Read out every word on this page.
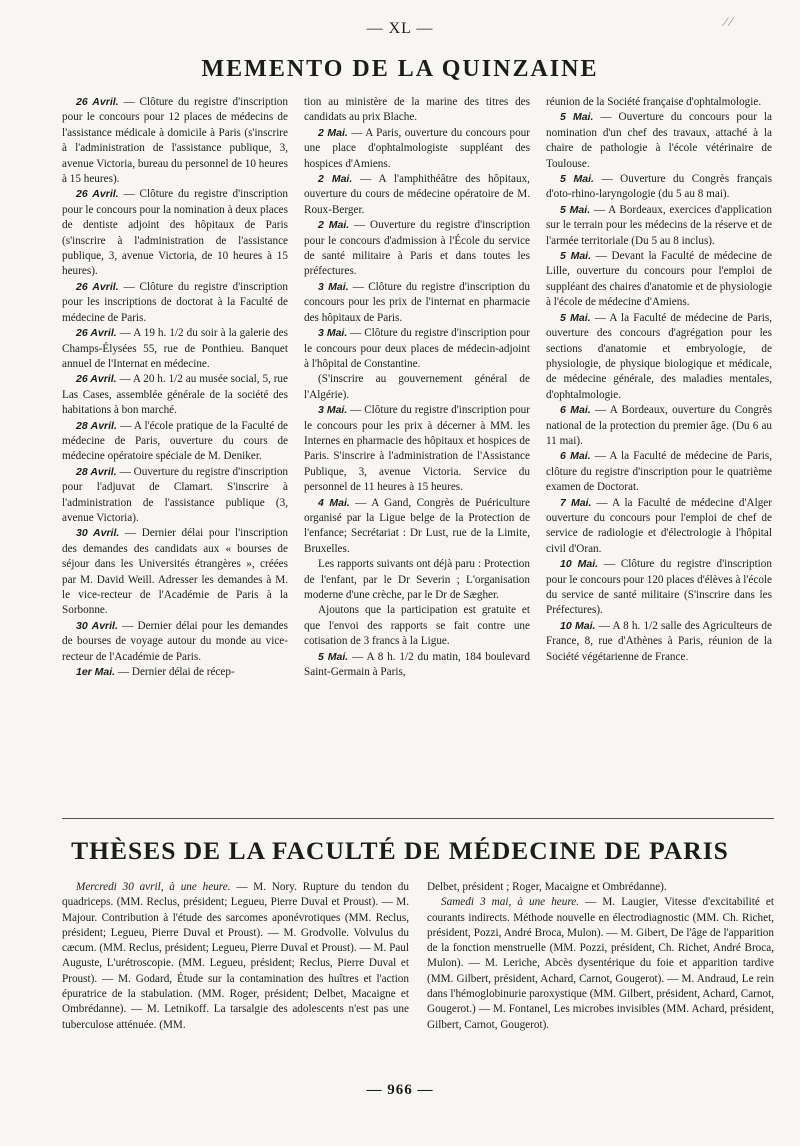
— XL —	⁄ ∕
MEMENTO DE LA QUINZAINE

26 Avril. — Clôture du registre d'inscription pour le concours pour 12 places de médecins de l'assistance médicale à domicile à Paris (s'inscrire à l'administration de l'assistance publique, 3, avenue Victoria, bureau du personnel de 10 heures à 15 heures).

26 Avril. — Clôture du registre d'inscription pour le concours pour la nomination à deux places de dentiste adjoint des hôpitaux de Paris (s'inscrire à l'administration de l'assistance publique, 3, avenue Victoria, de 10 heures à 15 heures).

26 Avril. — Clôture du registre d'inscription pour les inscriptions de doctorat à la Faculté de médecine de Paris.

26 Avril. — A 19 h. 1/2 du soir à la galerie des Champs-Élysées 55, rue de Ponthieu. Banquet annuel de l'Internat en médecine.

26 Avril. — A 20 h. 1/2 au musée social, 5, rue Las Cases, assemblée générale de la société des habitations à bon marché.

28 Avril. — A l'école pratique de la Faculté de médecine de Paris, ouverture du cours de médecine opératoire spéciale de M. Deniker.

28 Avril. — Ouverture du registre d'inscription pour l'adjuvat de Clamart. S'inscrire à l'administration de l'assistance publique (3, avenue Victoria).

30 Avril. — Dernier délai pour l'inscription des demandes des candidats aux « bourses de séjour dans les Universités étrangères », créées par M. David Weill. Adresser les demandes à M. le vice-recteur de l'Académie de Paris à la Sorbonne.

30 Avril. — Dernier délai pour les demandes de bourses de voyage autour du monde au vice-recteur de l'Académie de Paris.

1er Mai. — Dernier délai de récep-

tion au ministère de la marine des titres des candidats au prix Blache.

2 Mai. — A Paris, ouverture du concours pour une place d'ophtalmologiste suppléant des hospices d'Amiens.

2 Mai. — A l'amphithéâtre des hôpitaux, ouverture du cours de médecine opératoire de M. Roux-Berger.

2 Mai. — Ouverture du registre d'inscription pour le concours d'admission à l'École du service de santé militaire à Paris et dans toutes les préfectures.

3 Mai. — Clôture du registre d'inscription du concours pour les prix de l'internat en pharmacie des hôpitaux de Paris.

3 Mai. — Clôture du registre d'inscription pour le concours pour deux places de médecin-adjoint à l'hôpital de Constantine.

(S'inscrire au gouvernement général de l'Algérie).

3 Mai. — Clôture du registre d'inscription pour le concours pour les prix à décerner à MM. les Internes en pharmacie des hôpitaux et hospices de Paris. S'inscrire à l'administration de l'Assistance Publique, 3, avenue Victoria. Service du personnel de 11 heures à 15 heures.

4 Mai. — A Gand, Congrès de Puériculture organisé par la Ligue belge de la Protection de l'enfance; Secrétariat : Dr Lust, rue de la Limite, Bruxelles.

Les rapports suivants ont déjà paru : Protection de l'enfant, par le Dr Severin ; L'organisation moderne d'une crèche, par le Dr de Sægher.

Ajoutons que la participation est gratuite et que l'envoi des rapports se fait contre une cotisation de 3 francs à la Ligue.

5 Mai. — A 8 h. 1/2 du matin, 184 boulevard Saint-Germain à Paris,

réunion de la Société française d'ophtalmologie.

5 Mai. — Ouverture du concours pour la nomination d'un chef des travaux, attaché à la chaire de pathologie à l'école vétérinaire de Toulouse.

5 Mai. — Ouverture du Congrès français d'oto-rhino-laryngologie (du 5 au 8 mai).

5 Mai. — A Bordeaux, exercices d'application sur le terrain pour les médecins de la réserve et de l'armée territoriale (Du 5 au 8 inclus).

5 Mai. — Devant la Faculté de médecine de Lille, ouverture du concours pour l'emploi de suppléant des chaires d'anatomie et de physiologie à l'école de médecine d'Amiens.

5 Mai. — A la Faculté de médecine de Paris, ouverture des concours d'agrégation pour les sections d'anatomie et embryologie, de physiologie, de physique biologique et médicale, de médecine générale, des maladies mentales, d'ophtalmologie.

6 Mai. — A Bordeaux, ouverture du Congrès national de la protection du premier âge. (Du 6 au 11 mai).

6 Mai. — A la Faculté de médecine de Paris, clôture du registre d'inscription pour le quatrième examen de Doctorat.

7 Mai. — A la Faculté de médecine d'Alger ouverture du concours pour l'emploi de chef de service de radiologie et d'électrologie à l'hôpital civil d'Oran.

10 Mai. — Clôture du registre d'inscription pour le concours pour 120 places d'élèves à l'école du service de santé militaire (S'inscrire dans les Préfectures).

10 Mai. — A 8 h. 1/2 salle des Agriculteurs de France, 8, rue d'Athènes à Paris, réunion de la Société végétarienne de France.

THÈSES DE LA FACULTÉ DE MÉDECINE DE PARIS

Mercredi 30 avril, à une heure. — M. Nory. Rupture du tendon du quadriceps. (MM. Reclus, président; Legueu, Pierre Duval et Proust). — M. Majour. Contribution à l'étude des sarcomes aponévrotiques (MM. Reclus, président; Legueu, Pierre Duval et Proust). — M. Grodvolle. Volvulus du cæcum. (MM. Reclus, président; Legueu, Pierre Duval et Proust). — M. Paul Auguste, L'urétroscopie. (MM. Legueu, président; Reclus, Pierre Duval et Proust). — M. Godard, Étude sur la contamination des huîtres et l'action épuratrice de la stabulation. (MM. Roger, président; Delbet, Macaigne et Ombrédanne). — M. Letnikoff. La tarsalgie des adolescents n'est pas une tuberculose atténuée. (MM.

Delbet, président ; Roger, Macaigne et Ombrédanne).

Samedi 3 mai, à une heure. — M. Laugier, Vitesse d'excitabilité et courants indirects. Méthode nouvelle en électrodiagnostic (MM. Ch. Richet, président, Pozzi, André Broca, Mulon). — M. Gibert, De l'âge de l'apparition de la fonction menstruelle (MM. Pozzi, président, Ch. Richet, André Broca, Mulon). — M. Leriche, Abcès dysentérique du foie et apparition tardive (MM. Gilbert, président, Achard, Carnot, Gougerot). — M. Andraud, Le rein dans l'hémoglobinurie paroxystique (MM. Gilbert, président, Achard, Carnot, Gougerot.) — M. Fontanel, Les microbes invisibles (MM. Achard, président, Gilbert, Carnot, Gougerot).

— 966 —
